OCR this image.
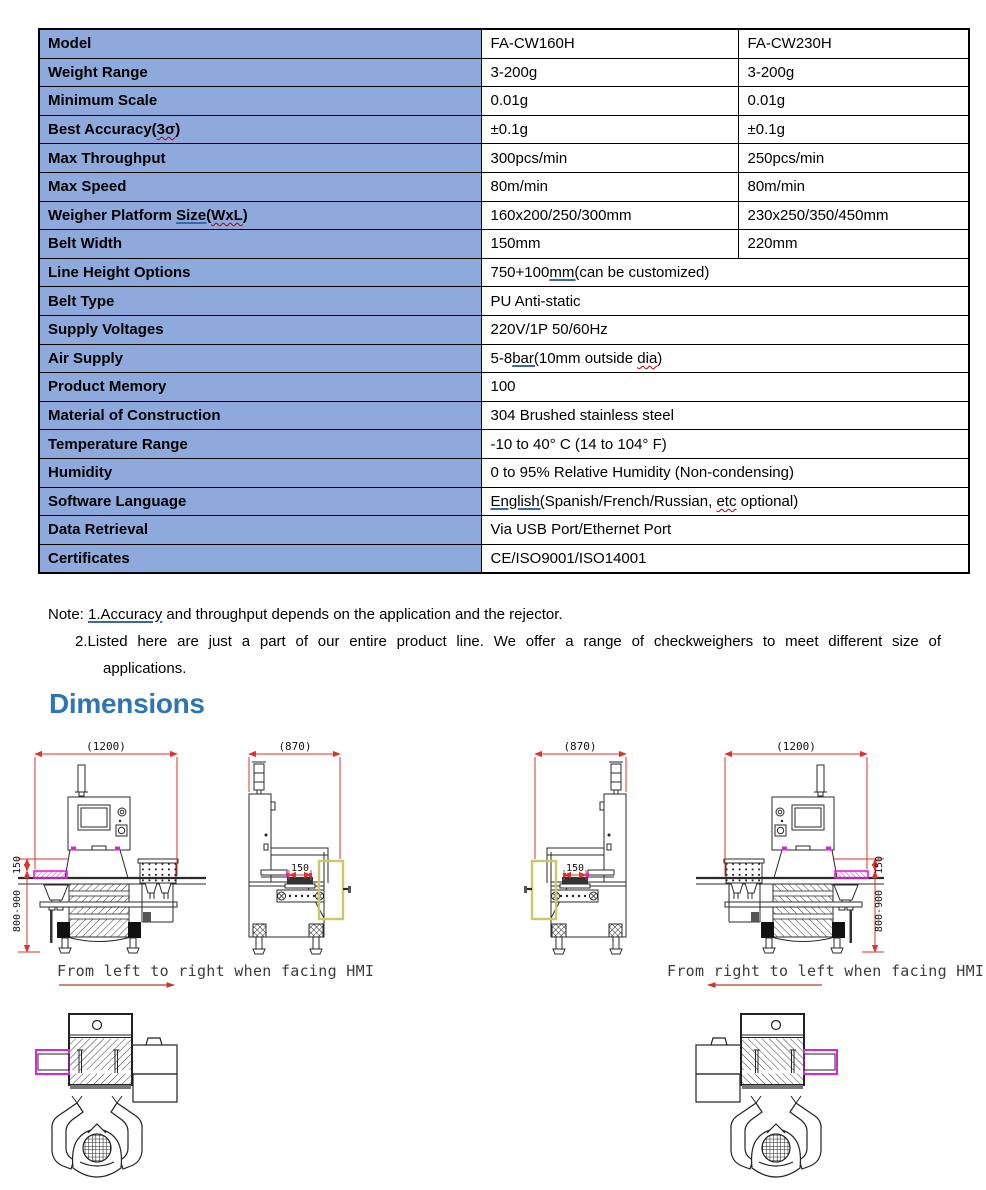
Model	FA-CW160H	FA-CW230H
Weight Range	3-200g	3-200g
Minimum Scale	0.01g	0.01g
Best Accuracy(3σ)	±0.1g	±0.1g
Max Throughput	300pcs/min	250pcs/min
Max Speed	80m/min	80m/min
Weigher Platform Size(WxL)	160x200/250/300mm	230x250/350/450mm
Belt Width	150mm	220mm
Line Height Options	750+100mm(can be customized)	
Belt Type	PU Anti-static	
Supply Voltages	220V/1P 50/60Hz	
Air Supply	5-8bar(10mm outside dia)	
Product Memory	100	
Material of Construction	304 Brushed stainless steel	
Temperature Range	-10 to 40° C (14 to 104° F)	
Humidity	0 to 95% Relative Humidity (Non-condensing)	
Software Language	English(Spanish/French/Russian, etc optional)	
Data Retrieval	Via USB Port/Ethernet Port	
Certificates	CE/ISO9001/ISO14001	
Note: 1.Accuracy and throughput depends on the application and the rejector.
2.Listed here are just a part of our entire product line. We offer a range of checkweighers to meet different size of
applications.
Dimensions
(1200)
150
800-900
(870)
150
(870)
150
(1200)
150
800-900
From left to right when facing HMI	From right to left when facing HMI
